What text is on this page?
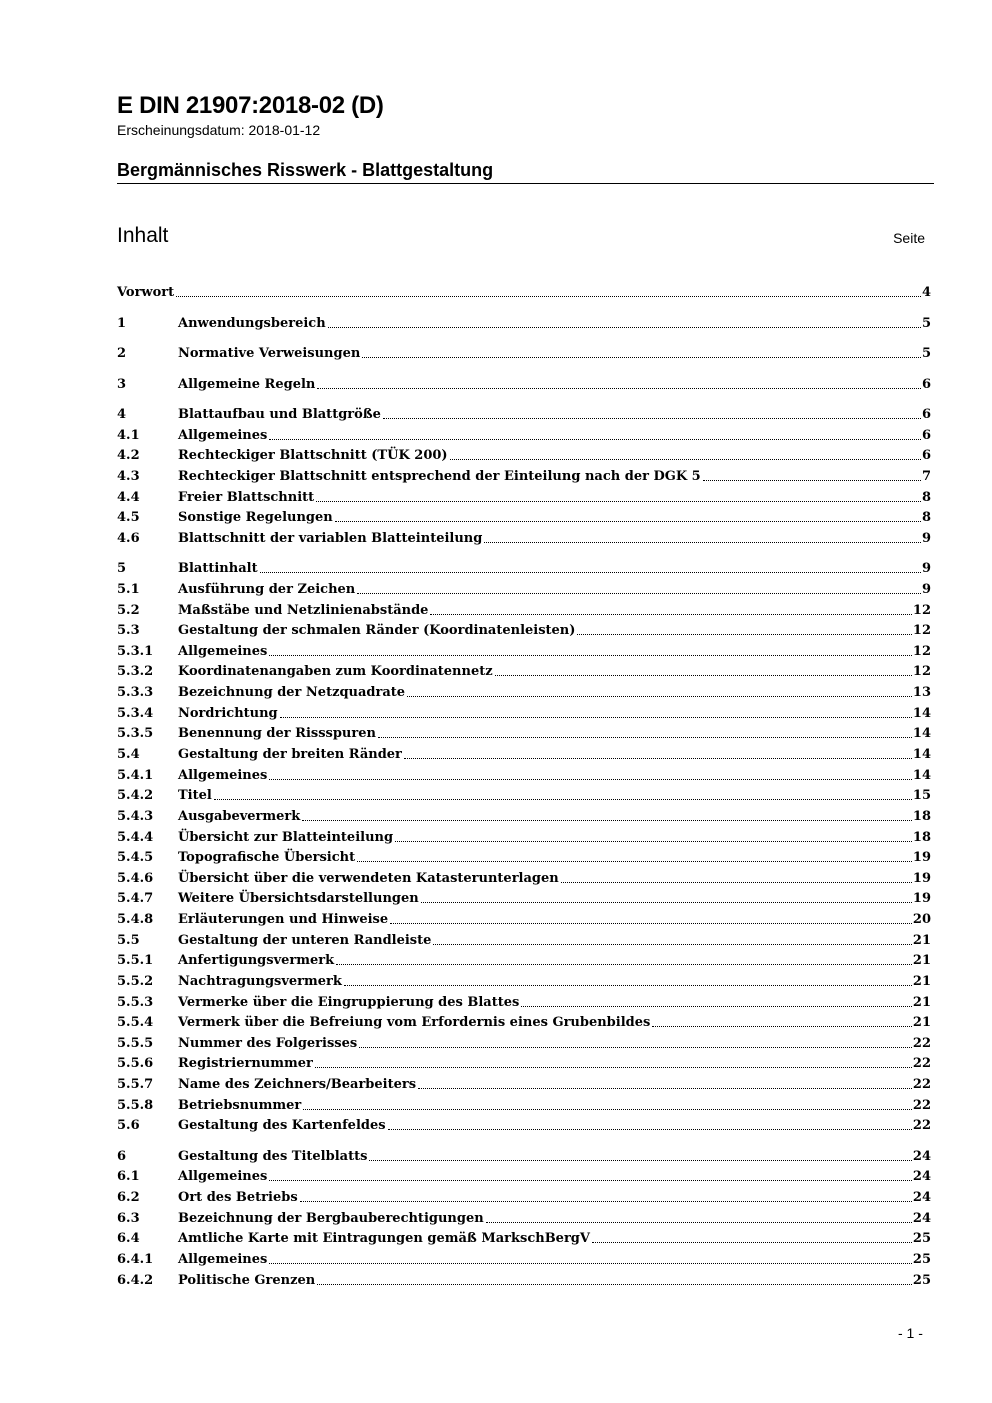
E DIN 21907:2018-02 (D)
Erscheinungsdatum: 2018-01-12
Bergmännisches Risswerk - Blattgestaltung
Inhalt	Seite
Vorwort	4
1	Anwendungsbereich	5
2	Normative Verweisungen	5
3	Allgemeine Regeln	6
4	Blattaufbau und Blattgröße	6
4.1	Allgemeines	6
4.2	Rechteckiger Blattschnitt (TÜK 200)	6
4.3	Rechteckiger Blattschnitt entsprechend der Einteilung nach der DGK 5	7
4.4	Freier Blattschnitt	8
4.5	Sonstige Regelungen	8
4.6	Blattschnitt der variablen Blatteinteilung	9
5	Blattinhalt	9
5.1	Ausführung der Zeichen	9
5.2	Maßstäbe und Netzlinienabstände	12
5.3	Gestaltung der schmalen Ränder (Koordinatenleisten)	12
5.3.1	Allgemeines	12
5.3.2	Koordinatenangaben zum Koordinatennetz	12
5.3.3	Bezeichnung der Netzquadrate	13
5.3.4	Nordrichtung	14
5.3.5	Benennung der Rissspuren	14
5.4	Gestaltung der breiten Ränder	14
5.4.1	Allgemeines	14
5.4.2	Titel	15
5.4.3	Ausgabevermerk	18
5.4.4	Übersicht zur Blatteinteilung	18
5.4.5	Topografische Übersicht	19
5.4.6	Übersicht über die verwendeten Katasterunterlagen	19
5.4.7	Weitere Übersichtsdarstellungen	19
5.4.8	Erläuterungen und Hinweise	20
5.5	Gestaltung der unteren Randleiste	21
5.5.1	Anfertigungsvermerk	21
5.5.2	Nachtragungsvermerk	21
5.5.3	Vermerke über die Eingruppierung des Blattes	21
5.5.4	Vermerk über die Befreiung vom Erfordernis eines Grubenbildes	21
5.5.5	Nummer des Folgerisses	22
5.5.6	Registriernummer	22
5.5.7	Name des Zeichners/Bearbeiters	22
5.5.8	Betriebsnummer	22
5.6	Gestaltung des Kartenfeldes	22
6	Gestaltung des Titelblatts	24
6.1	Allgemeines	24
6.2	Ort des Betriebs	24
6.3	Bezeichnung der Bergbauberechtigungen	24
6.4	Amtliche Karte mit Eintragungen gemäß MarkschBergV	25
6.4.1	Allgemeines	25
6.4.2	Politische Grenzen	25
- 1 -
